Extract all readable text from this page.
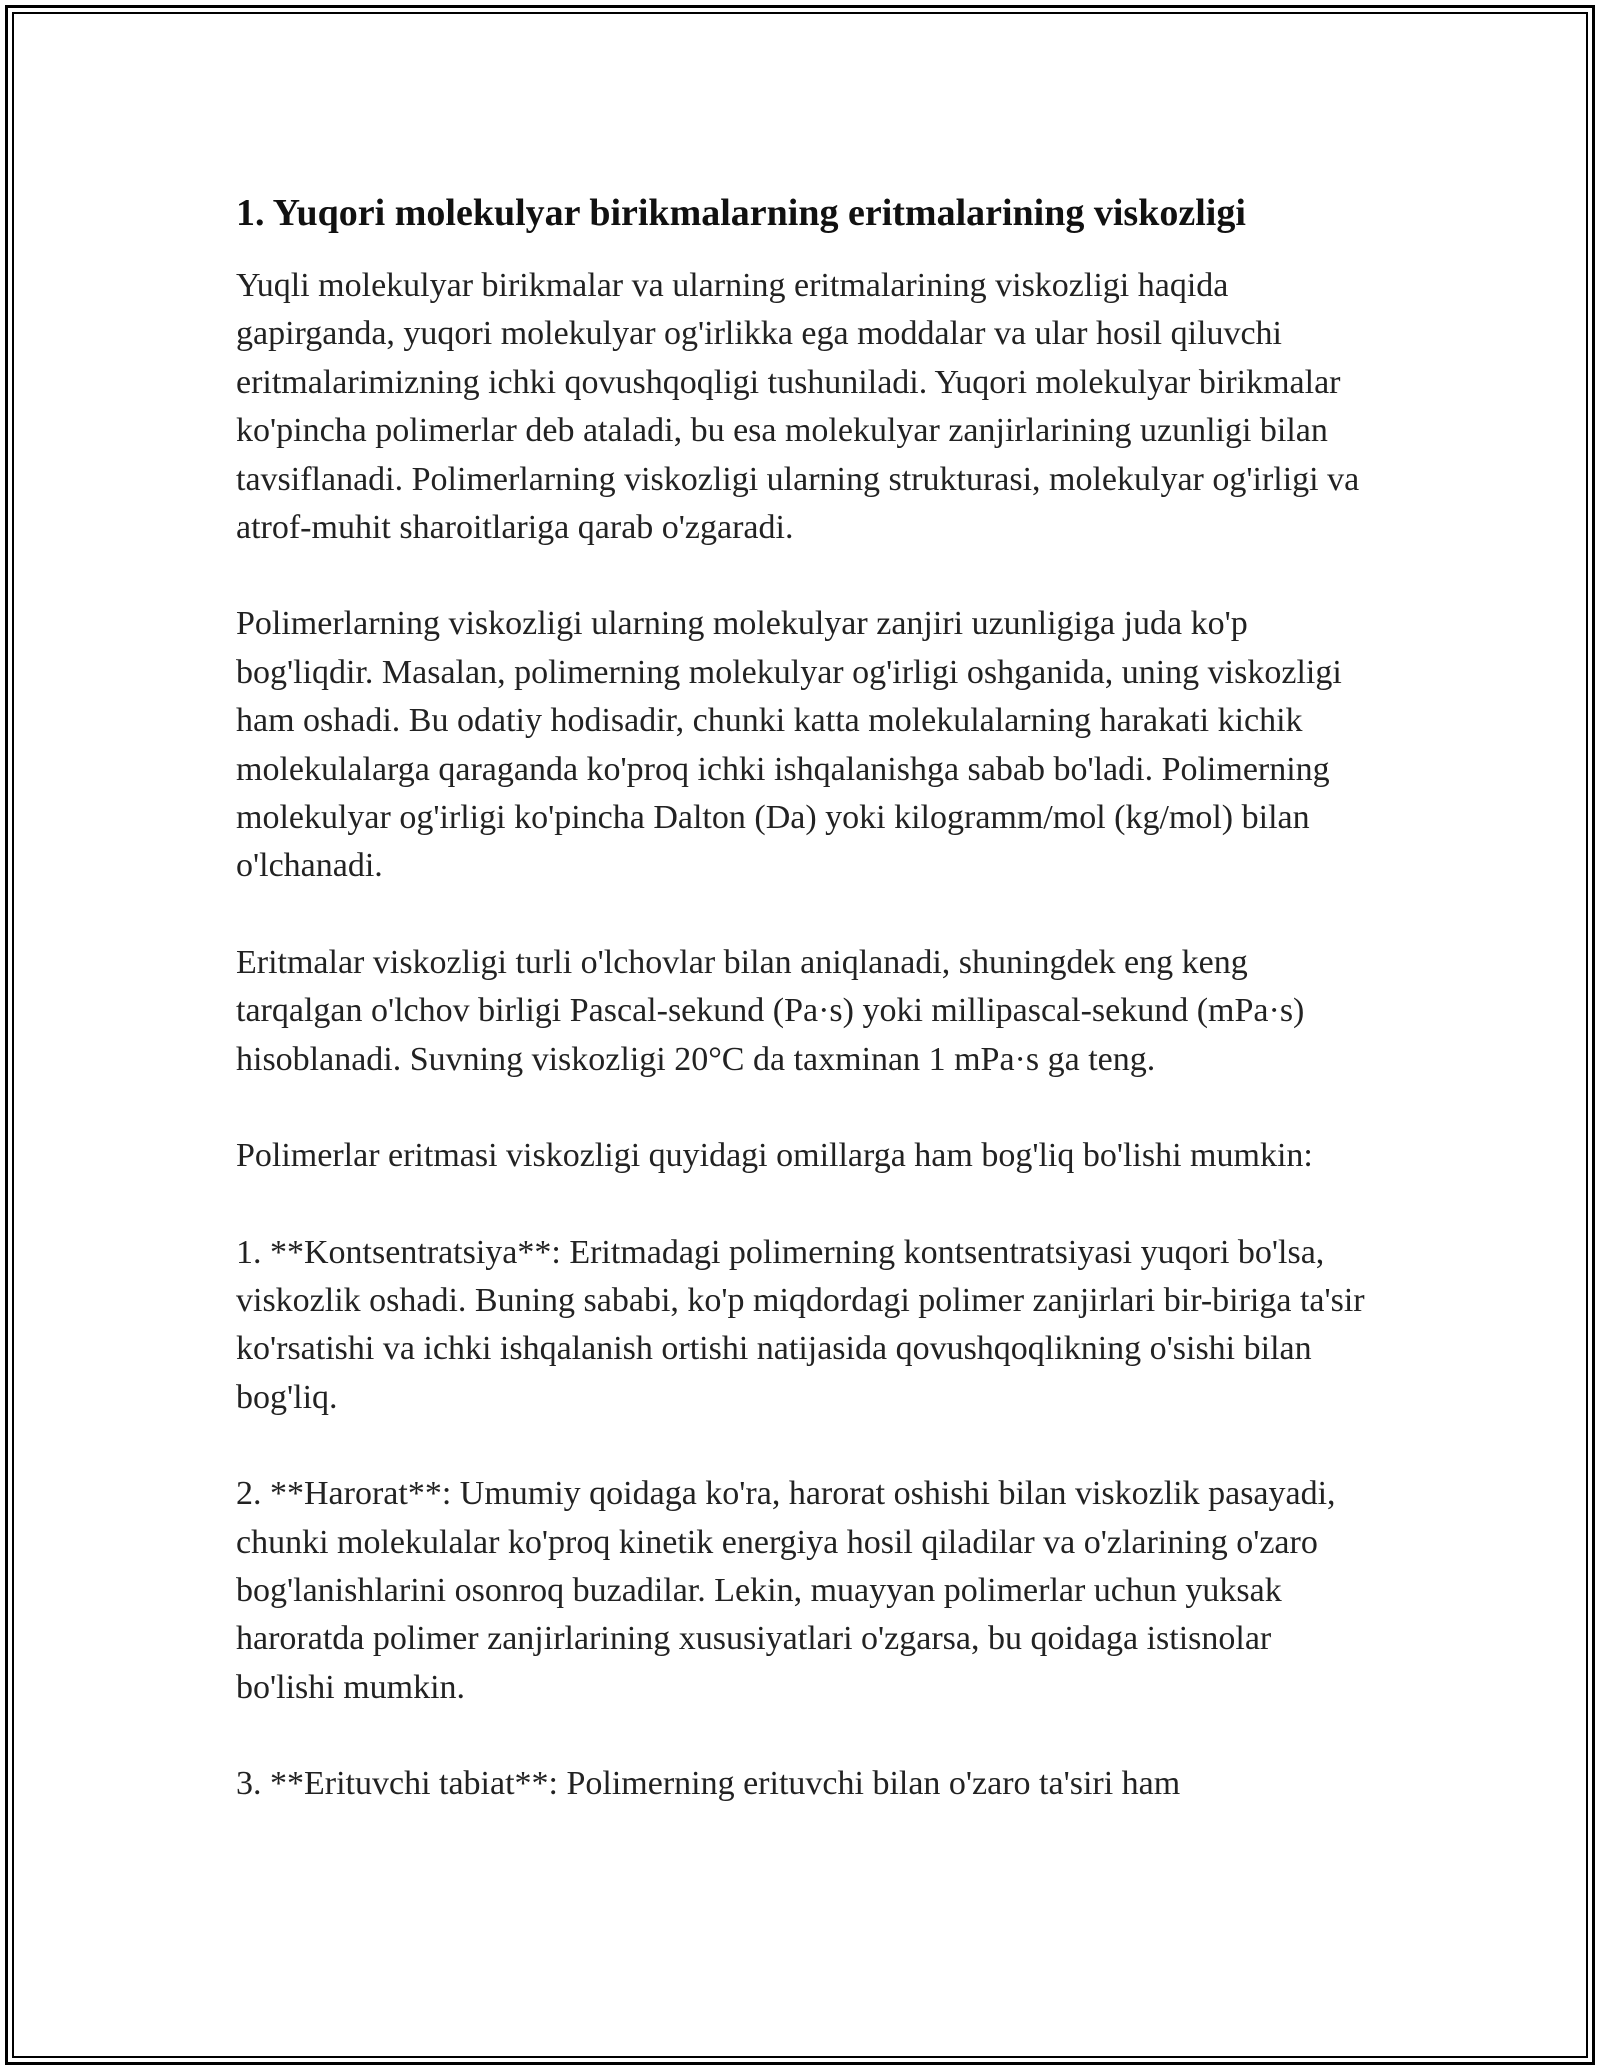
1. Yuqori molekulyar birikmalarning eritmalarining viskozligi

Yuqli molekulyar birikmalar va ularning eritmalarining viskozligi haqida gapirganda, yuqori molekulyar og'irlikka ega moddalar va ular hosil qiluvchi eritmalarimizning ichki qovushqoqligi tushuniladi. Yuqori molekulyar birikmalar ko'pincha polimerlar deb ataladi, bu esa molekulyar zanjirlarining uzunligi bilan tavsiflanadi. Polimerlarning viskozligi ularning strukturasi, molekulyar og'irligi va atrof-muhit sharoitlariga qarab o'zgaradi.

Polimerlarning viskozligi ularning molekulyar zanjiri uzunligiga juda ko'p bog'liqdir. Masalan, polimerning molekulyar og'irligi oshganida, uning viskozligi ham oshadi. Bu odatiy hodisadir, chunki katta molekulalarning harakati kichik molekulalarga qaraganda ko'proq ichki ishqalanishga sabab bo'ladi. Polimerning molekulyar og'irligi ko'pincha Dalton (Da) yoki kilogramm/mol (kg/mol) bilan o'lchanadi.

Eritmalar viskozligi turli o'lchovlar bilan aniqlanadi, shuningdek eng keng tarqalgan o'lchov birligi Pascal-sekund (Pa·s) yoki millipascal-sekund (mPa·s) hisoblanadi. Suvning viskozligi 20°C da taxminan 1 mPa·s ga teng.

Polimerlar eritmasi viskozligi quyidagi omillarga ham bog'liq bo'lishi mumkin:

1. **Kontsentratsiya**: Eritmadagi polimerning kontsentratsiyasi yuqori bo'lsa, viskozlik oshadi. Buning sababi, ko'p miqdordagi polimer zanjirlari bir-biriga ta'sir ko'rsatishi va ichki ishqalanish ortishi natijasida qovushqoqlikning o'sishi bilan bog'liq.

2. **Harorat**: Umumiy qoidaga ko'ra, harorat oshishi bilan viskozlik pasayadi, chunki molekulalar ko'proq kinetik energiya hosil qiladilar va o'zlarining o'zaro bog'lanishlarini osonroq buzadilar. Lekin, muayyan polimerlar uchun yuksak haroratda polimer zanjirlarining xususiyatlari o'zgarsa, bu qoidaga istisnolar bo'lishi mumkin.

3. **Erituvchi tabiat**: Polimerning erituvchi bilan o'zaro ta'siri ham
